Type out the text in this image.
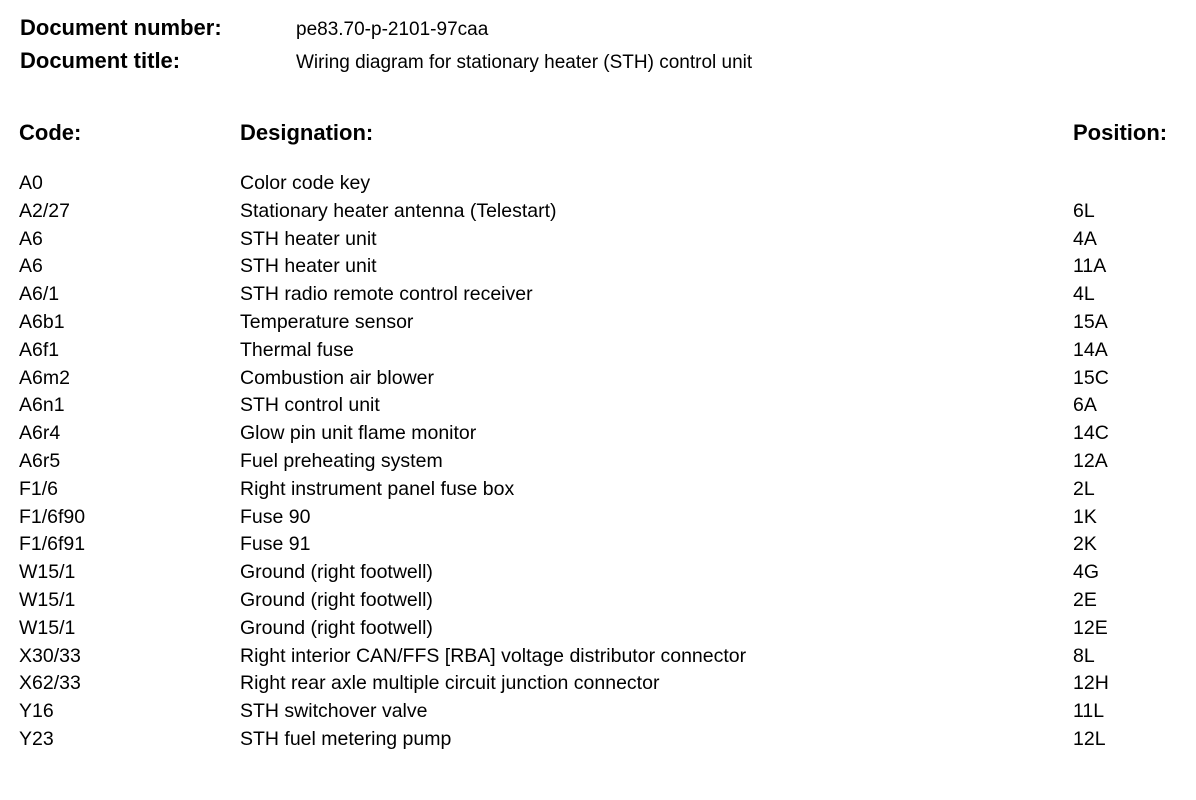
Document number:	pe83.70-p-2101-97caa
Document title:	Wiring diagram for stationary heater (STH) control unit
Code:	Designation:	Position:
A0	Color code key
A2/27	Stationary heater antenna (Telestart)	6L
A6	STH heater unit	4A
A6	STH heater unit	11A
A6/1	STH radio remote control receiver	4L
A6b1	Temperature sensor	15A
A6f1	Thermal fuse	14A
A6m2	Combustion air blower	15C
A6n1	STH control unit	6A
A6r4	Glow pin unit flame monitor	14C
A6r5	Fuel preheating system	12A
F1/6	Right instrument panel fuse box	2L
F1/6f90	Fuse 90	1K
F1/6f91	Fuse 91	2K
W15/1	Ground (right footwell)	4G
W15/1	Ground (right footwell)	2E
W15/1	Ground (right footwell)	12E
X30/33	Right interior CAN/FFS [RBA] voltage distributor connector	8L
X62/33	Right rear axle multiple circuit junction connector	12H
Y16	STH switchover valve	11L
Y23	STH fuel metering pump	12L
